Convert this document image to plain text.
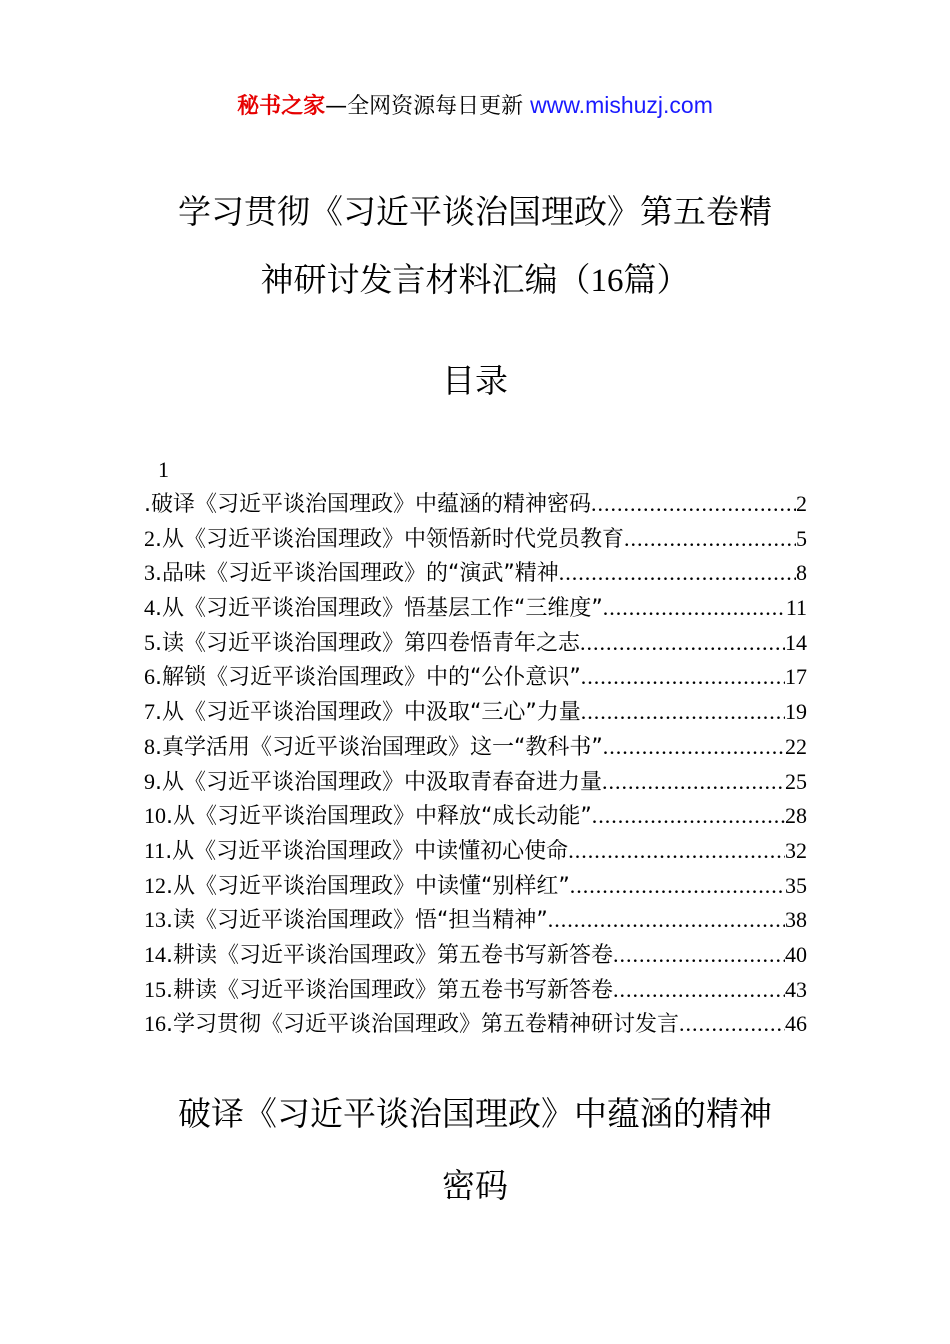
秘书之家—全网资源每日更新 www.mishuzj.com
学习贯彻《习近平谈治国理政》第五卷精
神研讨发言材料汇编（16篇）
目录
1
.破译《习近平谈治国理政》中蕴涵的精神密码 .....	2
2.从《习近平谈治国理政》中领悟新时代党员教育 .....	5
3.品味《习近平谈治国理政》的“演武”精神 .....	8
4.从《习近平谈治国理政》悟基层工作“三维度” .....	11
5.读《习近平谈治国理政》第四卷悟青年之志 .....	14
6.解锁《习近平谈治国理政》中的“公仆意识” .....	17
7.从《习近平谈治国理政》中汲取“三心”力量 .....	19
8.真学活用《习近平谈治国理政》这一“教科书” .....	22
9.从《习近平谈治国理政》中汲取青春奋进力量 .....	25
10.从《习近平谈治国理政》中释放“成长动能” .....	28
11.从《习近平谈治国理政》中读懂初心使命 .....	32
12.从《习近平谈治国理政》中读懂“别样红” .....	35
13.读《习近平谈治国理政》悟“担当精神” .....	38
14.耕读《习近平谈治国理政》第五卷书写新答卷 .....	40
15.耕读《习近平谈治国理政》第五卷书写新答卷 .....	43
16.学习贯彻《习近平谈治国理政》第五卷精神研讨发言 .....	46
破译《习近平谈治国理政》中蕴涵的精神
密码
